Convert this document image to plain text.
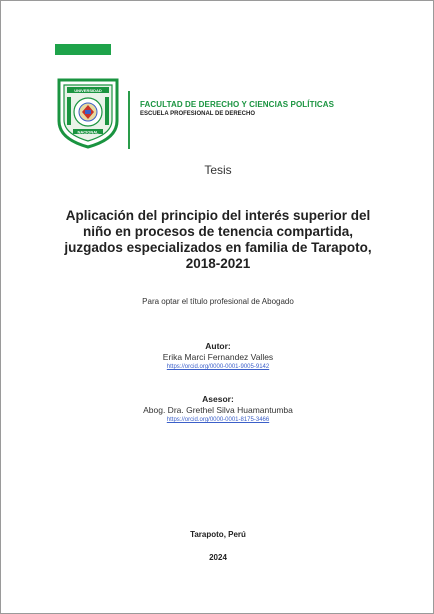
UNIVERSIDAD
NACIONAL
FACULTAD DE DERECHO Y CIENCIAS POLÍTICAS
ESCUELA PROFESIONAL DE DERECHO
Tesis
Aplicación del principio del interés superior del
niño en procesos de tenencia compartida,
juzgados especializados en familia de Tarapoto,
2018-2021
Para optar el título profesional de Abogado
Autor:
Erika Marci Fernandez Valles
https://orcid.org/0000-0001-9005-9142
Asesor:
Abog. Dra. Grethel Silva Huamantumba
https://orcid.org/0000-0001-8175-3466
Tarapoto, Perú
2024
